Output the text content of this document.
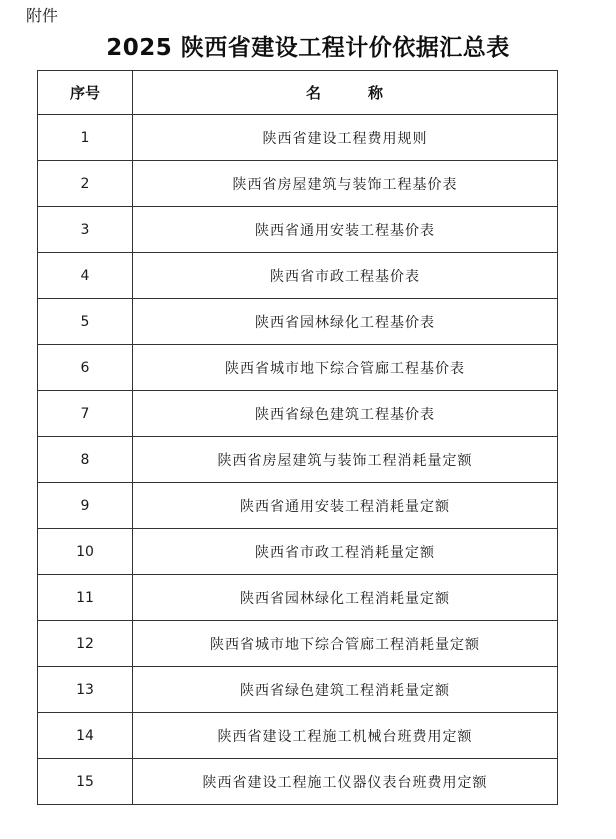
附件
2025 陕西省建设工程计价依据汇总表
序号	名 称
1	陕西省建设工程费用规则
2	陕西省房屋建筑与装饰工程基价表
3	陕西省通用安装工程基价表
4	陕西省市政工程基价表
5	陕西省园林绿化工程基价表
6	陕西省城市地下综合管廊工程基价表
7	陕西省绿色建筑工程基价表
8	陕西省房屋建筑与装饰工程消耗量定额
9	陕西省通用安装工程消耗量定额
10	陕西省市政工程消耗量定额
11	陕西省园林绿化工程消耗量定额
12	陕西省城市地下综合管廊工程消耗量定额
13	陕西省绿色建筑工程消耗量定额
14	陕西省建设工程施工机械台班费用定额
15	陕西省建设工程施工仪器仪表台班费用定额
